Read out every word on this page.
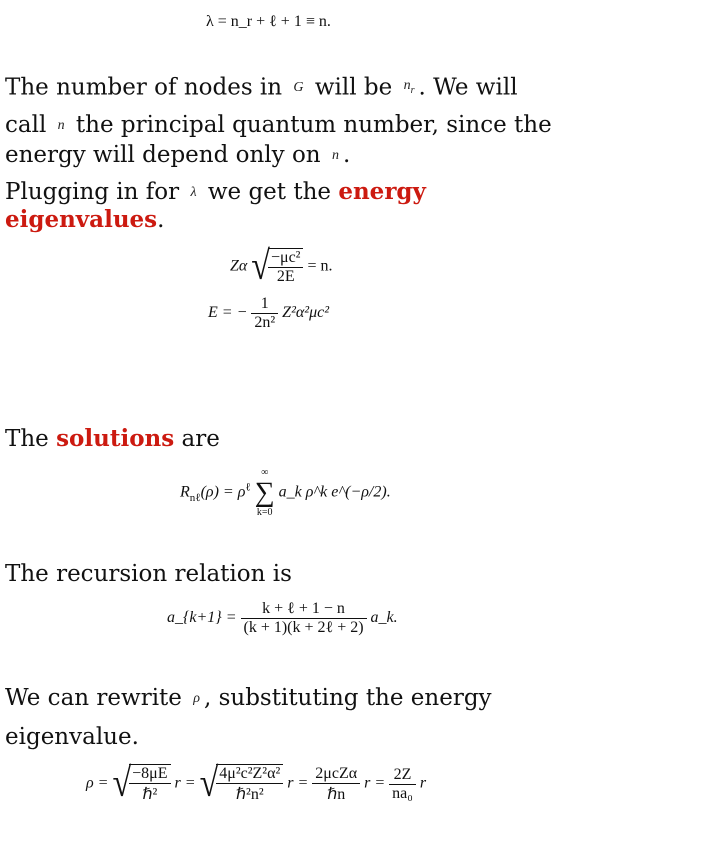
λ = n_r + ℓ + 1 ≡ n.

The number of nodes in G will be $n_r$ . We will

call n the principal quantum number, since the

energy will depend only on n .

Plugging in for λ we get the energy

eigenvalues.

Zα √
$\frac{\text{−μc²}}{2E} = n$.
E = − $\frac{1}{\text{2n²}} Z^2\alpha^2\mu c^2$

The solutions are

$R_{n\ell}(\rho) = \rho^\ell$
∞
∑
k=0
a_k ρ^k e^(−ρ/2).

The recursion relation is

a_{k+1} = $\frac{\text{k + ℓ + 1 − n}}{\text{(k + 1)(k + 2ℓ + 2)}}$ a_k.

We can rewrite ρ , substituting the energy

eigenvalue.

ρ = √
$\frac{-8\mu E}{\text{ℏ²}}$ r = √
$\frac{\text{4μ²c²Z²α²}}{\text{ℏ²n²}}$ $r = \frac{\text{2μcZα}}{\text{ℏn}}$ $r = \frac{2Z}{\text{na₀}}$ r
